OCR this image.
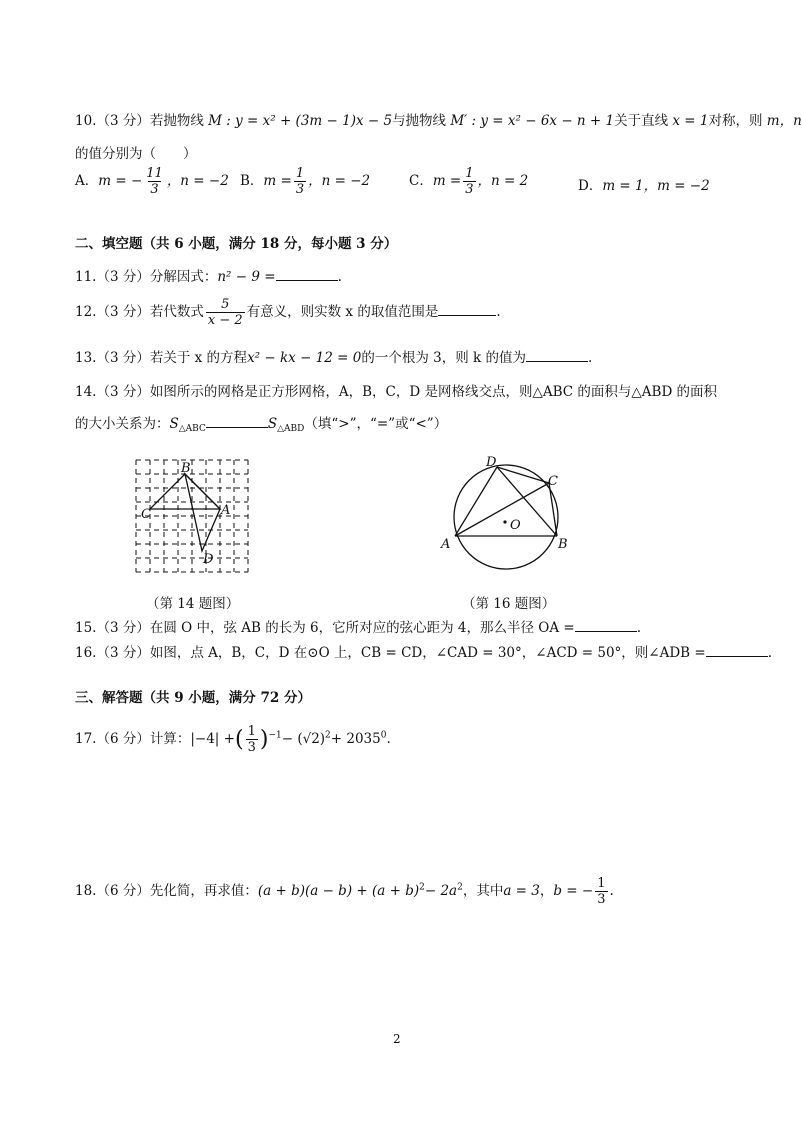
10.（3 分）若抛物线 M : y = x² + (3m − 1)x − 5与抛物线 M′ : y = x² − 6x − n + 1关于直线 x = 1对称，则 m，n
的值分别为（　　）
A．m = − $\frac{11}{3}$ ，n = −2 B．$m = \frac{1}{3}$ ，n = −2	C．$m = \frac{1}{3}$ ，n = 2	D．m = 1，m = −2
二、填空题（共 6 小题，满分 18 分，每小题 3 分）
11.（3 分）分解因式：n² − 9 =	.
12.（3 分）若代数式 $\frac{5}{x - 2}$ 有意义，则实数 x 的取值范围是	.
13.（3 分）若关于 x 的方程x² − kx − 12 = 0的一个根为 3，则 k 的值为	.
14.（3 分）如图所示的网格是正方形网格，A，B，C，D 是网格线交点，则△ABC 的面积与△ABD 的面积
的大小关系为：$S_{\triangle ABC}$	$S_{\triangle ABD}$（填“>”，“=”或“<”）
B
C	A
D
（第 14 题图）
D
C
O
A	B
（第 16 题图）
15.（3 分）在圆 O 中，弦 AB 的长为 6，它所对应的弦心距为 4，那么半径 OA =	.
16.（3 分）如图，点 A，B，C，D 在⊙O 上，CB = CD，∠CAD = 30°，∠ACD = 50°，则∠ADB =	.
三、解答题（共 9 小题，满分 72 分）
17.（6 分）计算：|−4| +( $\frac{1}{3} )^{-1}- (√2)^2+ 2035^0$.
18.（6 分）先化简，再求值：$(a + b)(a - b) + (a + b)^2- 2a^2$，其中a = 3，b = − $\frac{1}{3}$ .
2
